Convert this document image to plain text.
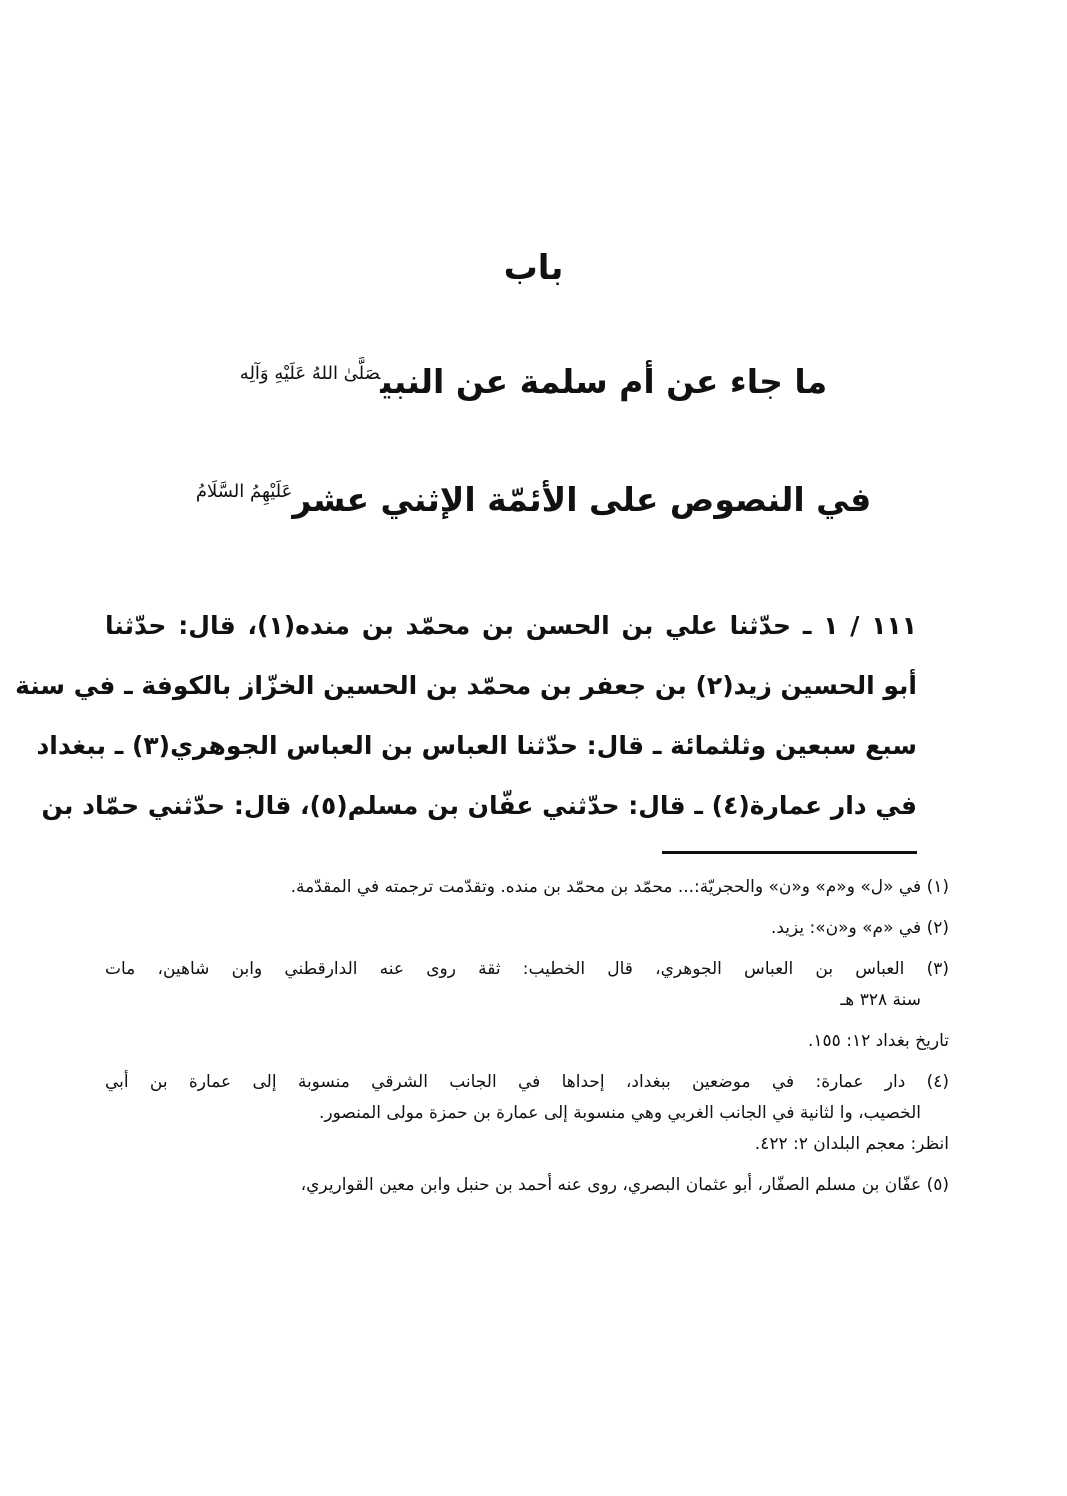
باب
ما جاء عن أم سلمة عن النبي$^{صَلَّىٰ اللهُ عَلَيْهِ وَآلِه}$
في النصوص على الأئمّة الإثني عشر$^{عَلَيْهِمُ السَّلَامُ}$
١١١ / ١ ـ حدّثنا علي بن الحسن بن محمّد بن منده(١)، قال: حدّثنا
أبو الحسين زيد(٢) بن جعفر بن محمّد بن الحسين الخزّاز بالكوفة ـ في سنة
سبع سبعين وثلثمائة ـ قال: حدّثنا العباس بن العباس الجوهري(٣) ـ ببغداد
في دار عمارة(٤) ـ قال: حدّثني عفّان بن مسلم(٥)، قال: حدّثني حمّاد بن
(١) في «ل» و«م» و«ن» والحجريّة:... محمّد بن محمّد بن منده. وتقدّمت ترجمته في المقدّمة.
(٢) في «م» و«ن»: يزيد.
(٣) العباس بن العباس الجوهري، قال الخطيب: ثقة روى عنه الدارقطني وابن شاهين، مات
سنة ٣٢٨ هـ
تاريخ بغداد ١٢: ١٥٥.
(٤) دار عمارة: في موضعين ببغداد، إحداها في الجانب الشرقي منسوبة إلى عمارة بن أبي
الخصيب، وا لثانية في الجانب الغربي وهي منسوبة إلى عمارة بن حمزة مولى المنصور.
انظر: معجم البلدان ٢: ٤٢٢.
(٥) عفّان بن مسلم الصفّار، أبو عثمان البصري، روى عنه أحمد بن حنبل وابن معين القواريري،
